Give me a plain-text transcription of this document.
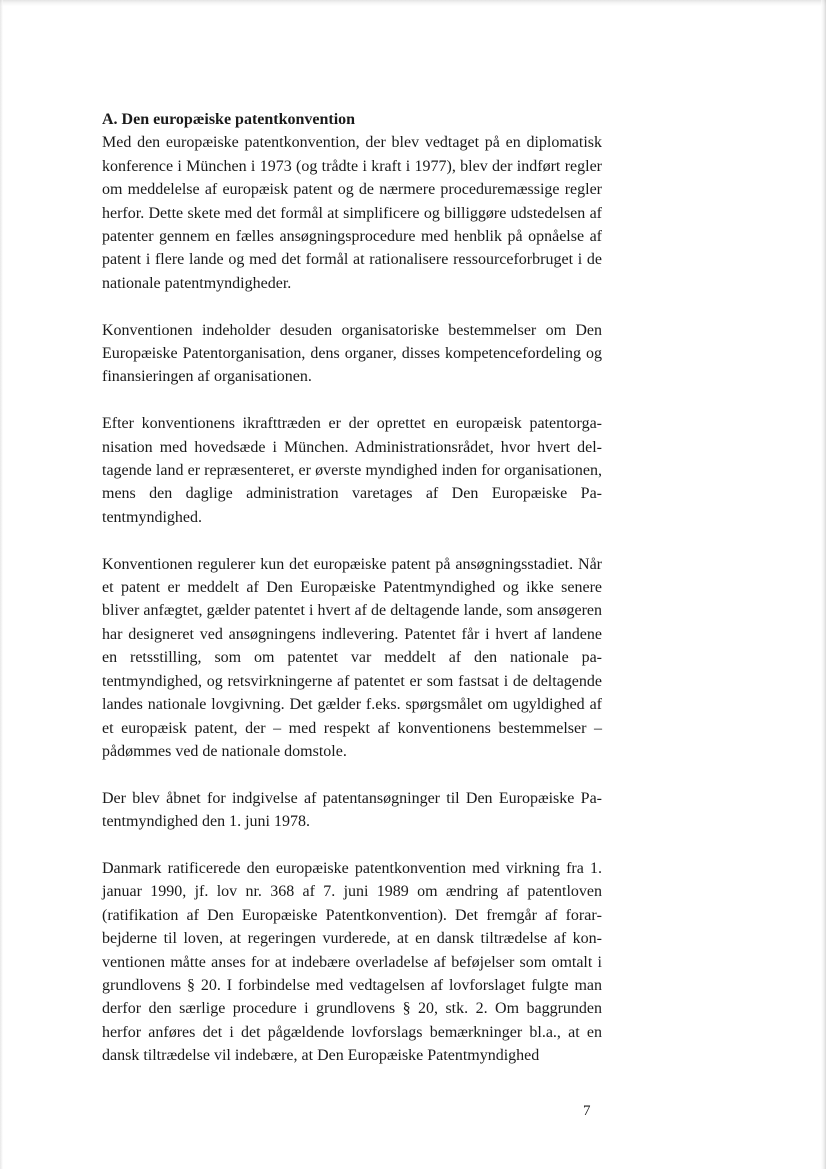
A. Den europæiske patentkonvention

Med den europæiske patentkonvention, der blev vedtaget på en diplomatisk konference i München i 1973 (og trådte i kraft i 1977), blev der indført regler om meddelelse af europæisk patent og de nærmere proceduremæssige regler herfor. Dette skete med det formål at simplificere og billiggøre udstedelsen af patenter gennem en fælles ansøgningsprocedure med henblik på opnåelse af patent i flere lande og med det formål at rationalisere ressourceforbruget i de nationale patentmyndigheder.

Konventionen indeholder desuden organisatoriske bestemmelser om Den Europæiske Patentorganisation, dens organer, disses kompetencefordeling og finansieringen af organisationen.

Efter konventionens ikrafttræden er der oprettet en europæisk patentorganisation med hovedsæde i München. Administrationsrådet, hvor hvert deltagende land er repræsenteret, er øverste myndighed inden for organisationen, mens den daglige administration varetages af Den Europæiske Patentmyndighed.

Konventionen regulerer kun det europæiske patent på ansøgningsstadiet. Når et patent er meddelt af Den Europæiske Patentmyndighed og ikke senere bliver anfægtet, gælder patentet i hvert af de deltagende lande, som ansøgeren har designeret ved ansøgningens indlevering. Patentet får i hvert af landene en retsstilling, som om patentet var meddelt af den nationale patentmyndighed, og retsvirkningerne af patentet er som fastsat i de deltagende landes nationale lovgivning. Det gælder f.eks. spørgsmålet om ugyldighed af et europæisk patent, der – med respekt af konventionens bestemmelser – pådømmes ved de nationale domstole.

Der blev åbnet for indgivelse af patentansøgninger til Den Europæiske Patentmyndighed den 1. juni 1978.

Danmark ratificerede den europæiske patentkonvention med virkning fra 1. januar 1990, jf. lov nr. 368 af 7. juni 1989 om ændring af patentloven (ratifikation af Den Europæiske Patentkonvention). Det fremgår af forarbejderne til loven, at regeringen vurderede, at en dansk tiltrædelse af konventionen måtte anses for at indebære overladelse af beføjelser som omtalt i grundlovens § 20. I forbindelse med vedtagelsen af lovforslaget fulgte man derfor den særlige procedure i grundlovens § 20, stk. 2. Om baggrunden herfor anføres det i det pågældende lovforslags bemærkninger bl.a., at en dansk tiltrædelse vil indebære, at Den Europæiske Patentmyndighed

7
